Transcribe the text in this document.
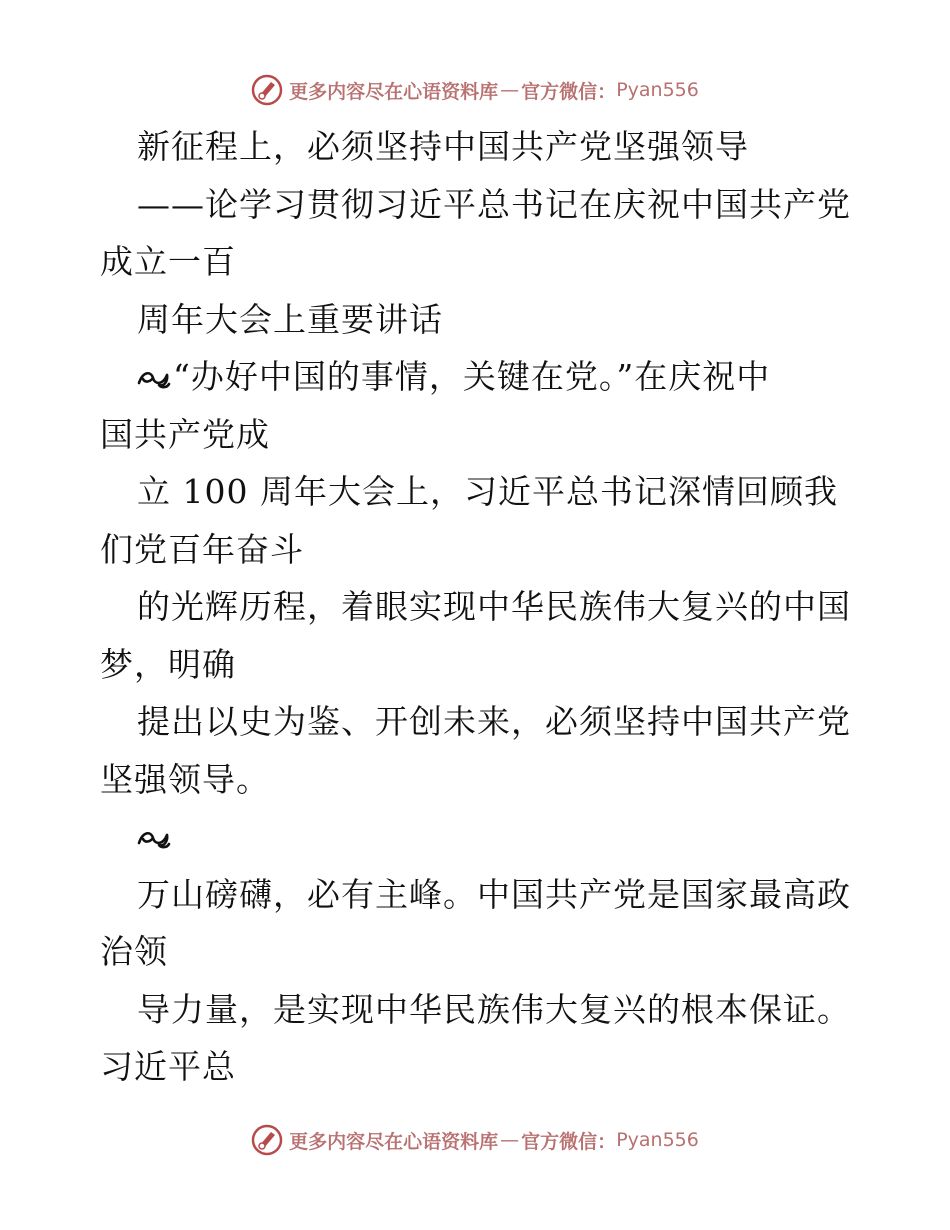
更多内容尽在心语资料库 — 官方微信： Pyan556
新征程上，必须坚持中国共产党坚强领导
——论学习贯彻习近平总书记在庆祝中国共产党
成立一百
周年大会上重要讲话
“办好中国的事情，关键在党。”在庆祝中
国共产党成
立 100 周年大会上，习近平总书记深情回顾我
们党百年奋斗
的光辉历程，着眼实现中华民族伟大复兴的中国
梦，明确
提出以史为鉴、开创未来，必须坚持中国共产党
坚强领导。
万山磅礴，必有主峰。中国共产党是国家最高政
治领
导力量，是实现中华民族伟大复兴的根本保证。
习近平总
更多内容尽在心语资料库 — 官方微信： Pyan556
